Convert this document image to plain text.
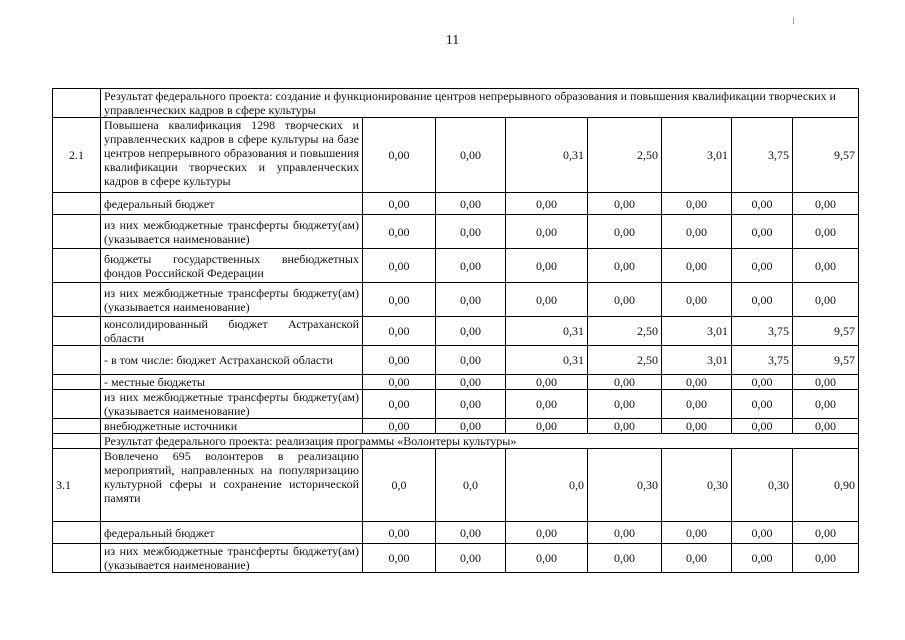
11
	Результат федерального проекта: создание и функционирование центров непрерывного образования и повышения квалификации творческих и управленческих кадров в сфере культуры							
2.1	Повышена квалификация 1298 творческих и управленческих кадров в сфере культуры на базе центров непрерывного образования и повышения квалификации творческих и управленческих кадров в сфере культуры	0,00	0,00	0,31	2,50	3,01	3,75	9,57
	федеральный бюджет	0,00	0,00	0,00	0,00	0,00	0,00	0,00
	из них межбюджетные трансферты бюджету(ам) (указывается наименование)	0,00	0,00	0,00	0,00	0,00	0,00	0,00
	бюджеты государственных внебюджетных фондов Российской Федерации	0,00	0,00	0,00	0,00	0,00	0,00	0,00
	из них межбюджетные трансферты бюджету(ам) (указывается наименование)	0,00	0,00	0,00	0,00	0,00	0,00	0,00
	консолидированный бюджет Астраханской области	0,00	0,00	0,31	2,50	3,01	3,75	9,57
	- в том числе: бюджет Астраханской области	0,00	0,00	0,31	2,50	3,01	3,75	9,57
	- местные бюджеты	0,00	0,00	0,00	0,00	0,00	0,00	0,00
	из них межбюджетные трансферты бюджету(ам) (указывается наименование)	0,00	0,00	0,00	0,00	0,00	0,00	0,00
	внебюджетные источники	0,00	0,00	0,00	0,00	0,00	0,00	0,00
	Результат федерального проекта: реализация программы «Волонтеры культуры»							
3.1	Вовлечено 695 волонтеров в реализацию мероприятий, направленных на популяризацию культурной сферы и сохранение исторической памяти	0,0	0,0	0,0	0,30	0,30	0,30	0,90
	федеральный бюджет	0,00	0,00	0,00	0,00	0,00	0,00	0,00
	из них межбюджетные трансферты бюджету(ам) (указывается наименование)	0,00	0,00	0,00	0,00	0,00	0,00	0,00
